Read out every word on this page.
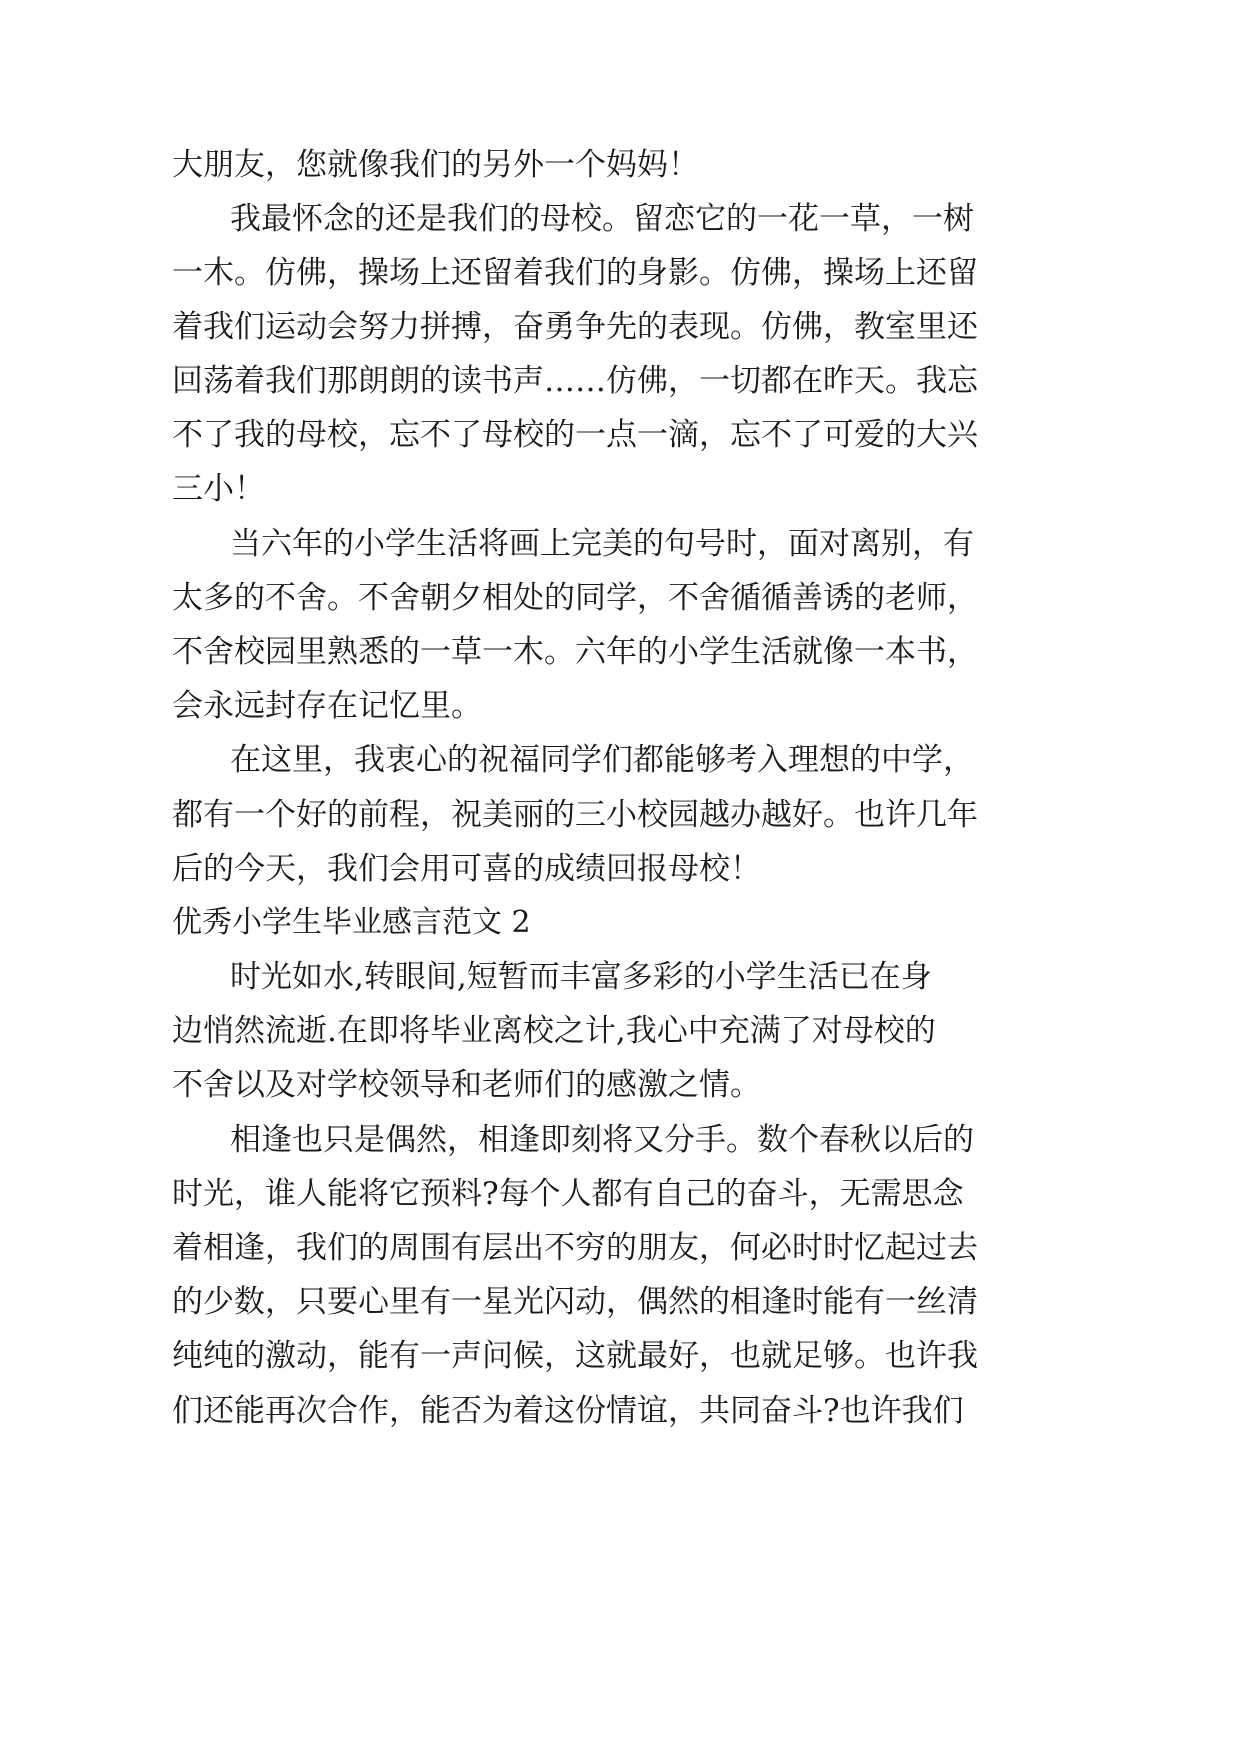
大朋友，您就像我们的另外一个妈妈！
我最怀念的还是我们的母校。留恋它的一花一草，一树
一木。仿佛，操场上还留着我们的身影。仿佛，操场上还留
着我们运动会努力拼搏，奋勇争先的表现。仿佛，教室里还
回荡着我们那朗朗的读书声……仿佛，一切都在昨天。我忘
不了我的母校，忘不了母校的一点一滴，忘不了可爱的大兴
三小！
当六年的小学生活将画上完美的句号时，面对离别，有
太多的不舍。不舍朝夕相处的同学，不舍循循善诱的老师，
不舍校园里熟悉的一草一木。六年的小学生活就像一本书，
会永远封存在记忆里。
在这里，我衷心的祝福同学们都能够考入理想的中学，
都有一个好的前程，祝美丽的三小校园越办越好。也许几年
后的今天，我们会用可喜的成绩回报母校！
优秀小学生毕业感言范文 2
时光如水,转眼间,短暂而丰富多彩的小学生活已在身
边悄然流逝.在即将毕业离校之计,我心中充满了对母校的
不舍以及对学校领导和老师们的感激之情。
相逢也只是偶然，相逢即刻将又分手。数个春秋以后的
时光，谁人能将它预料?每个人都有自己的奋斗，无需思念
着相逢，我们的周围有层出不穷的朋友，何必时时忆起过去
的少数，只要心里有一星光闪动，偶然的相逢时能有一丝清
纯纯的激动，能有一声问候，这就最好，也就足够。也许我
们还能再次合作，能否为着这份情谊，共同奋斗?也许我们
